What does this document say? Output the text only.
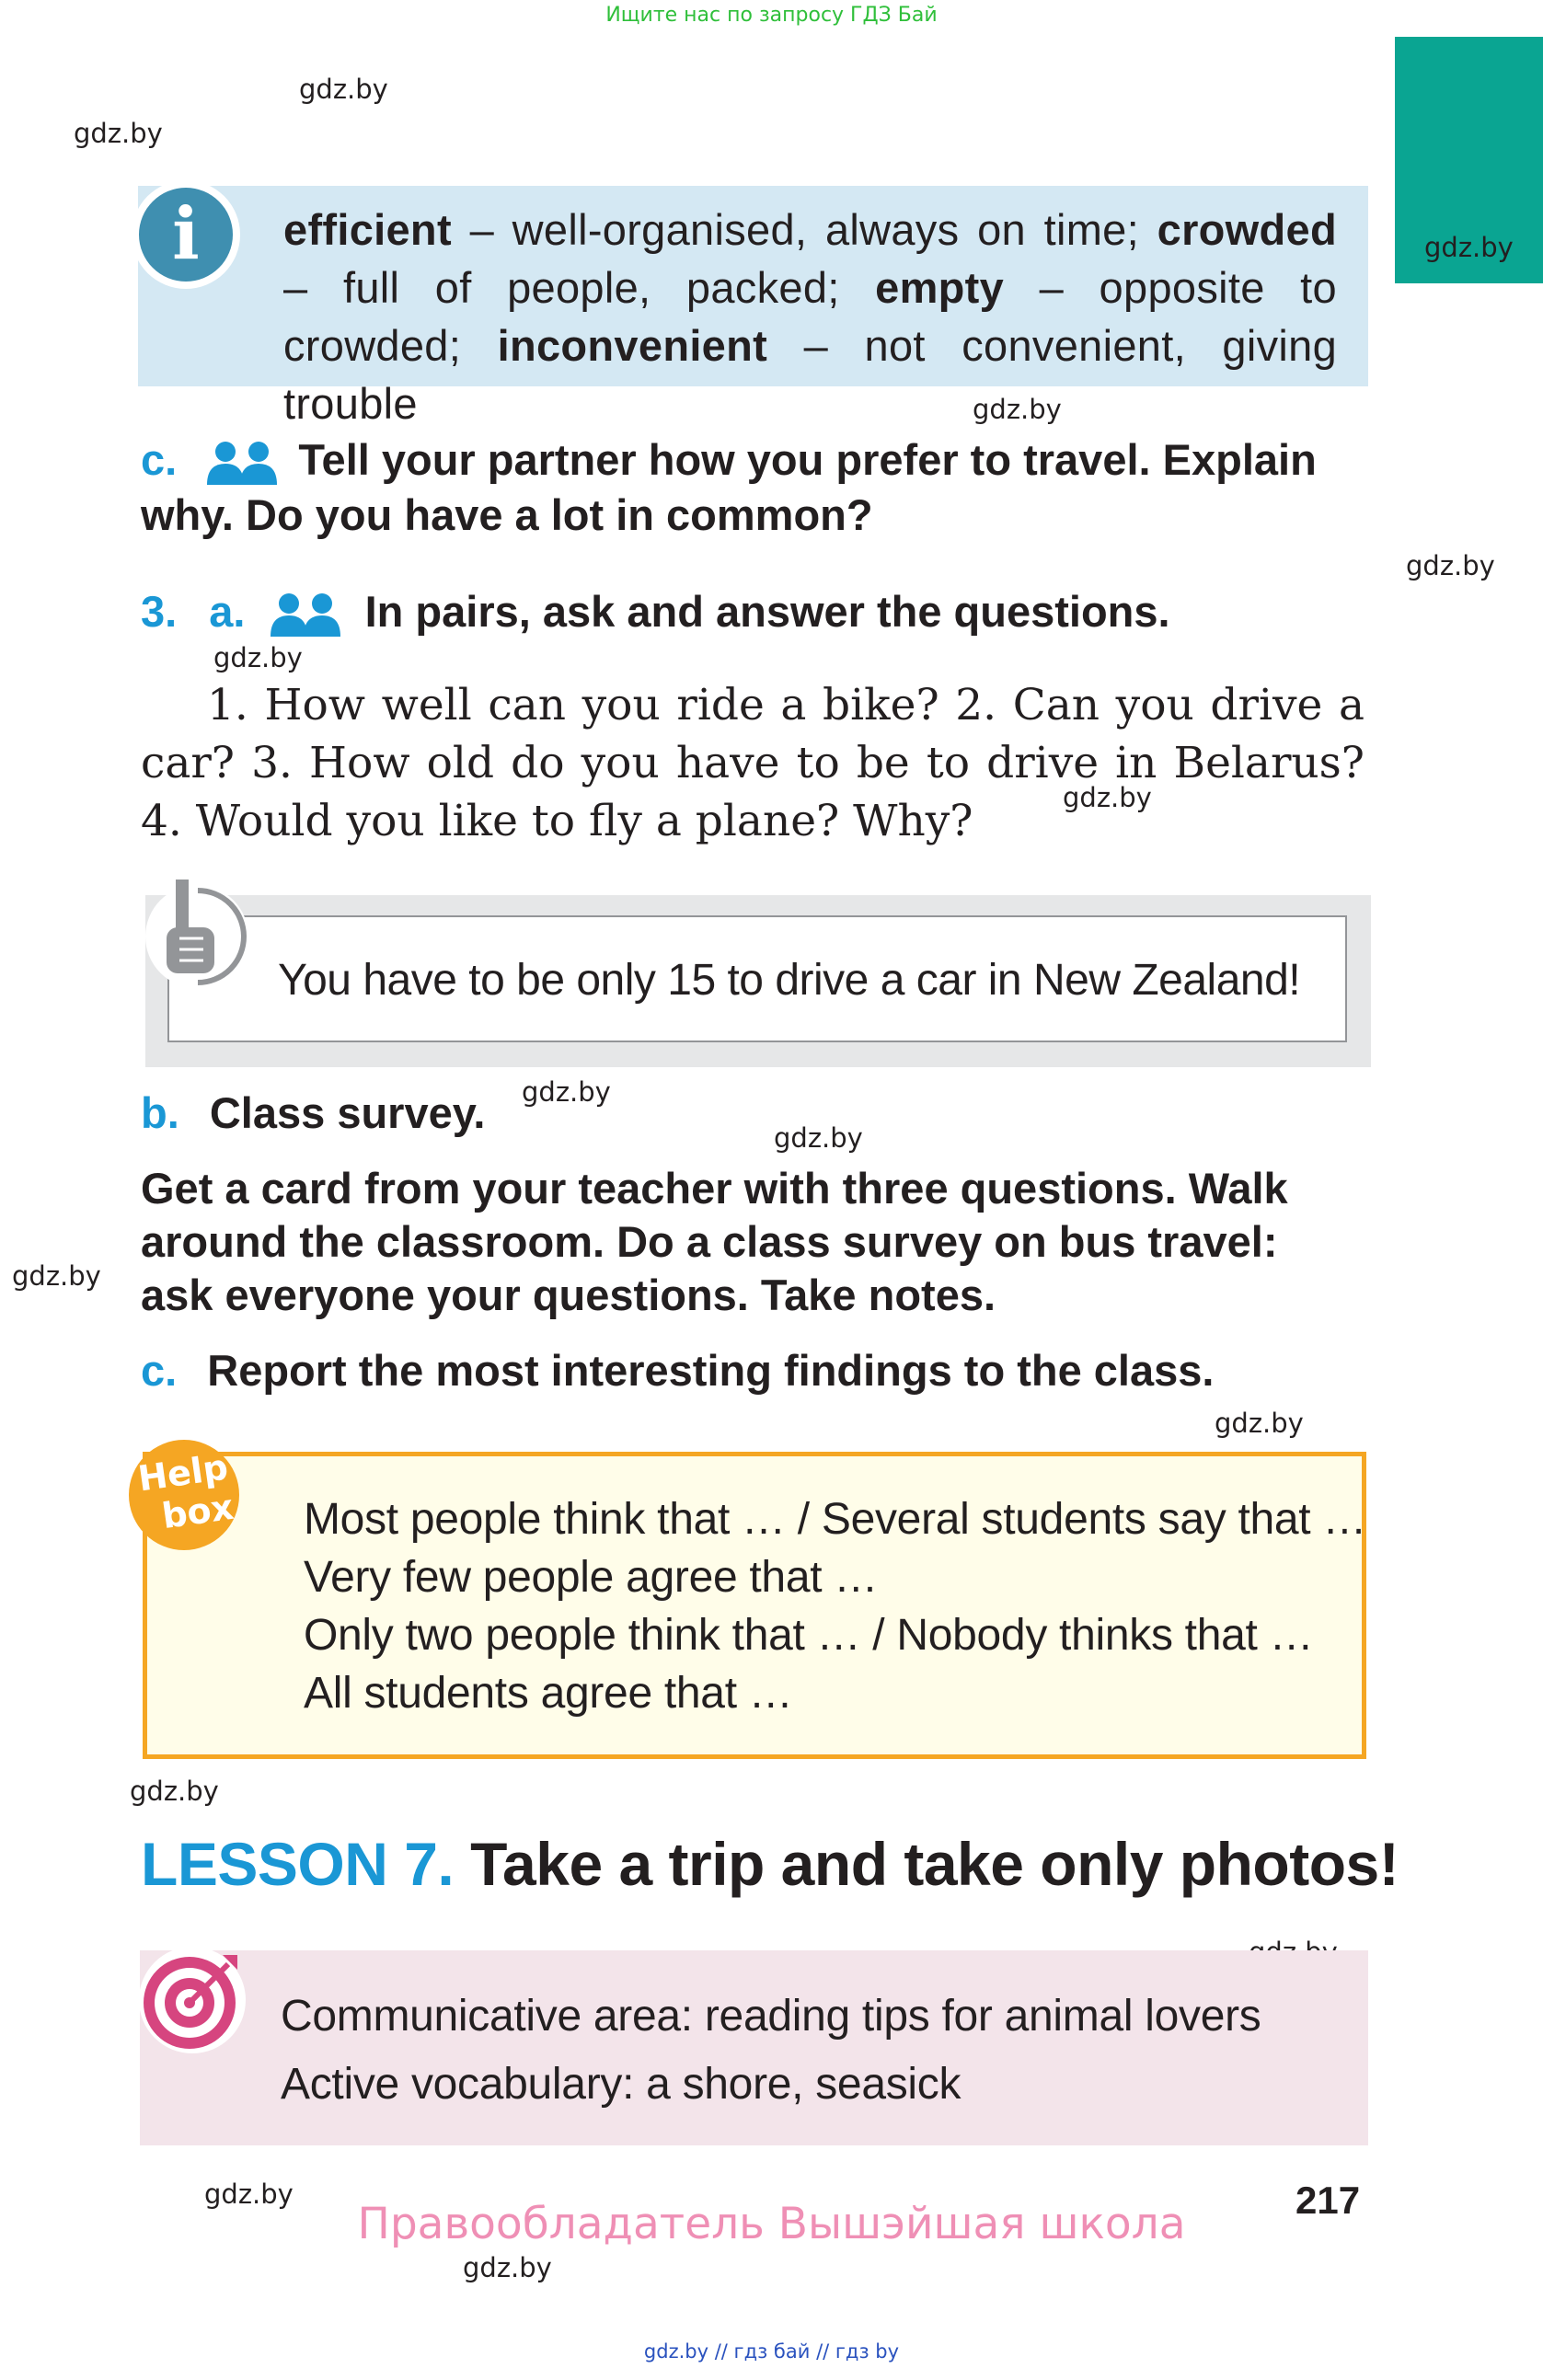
Ищите нас по запросу ГДЗ Бай
gdz.by
gdz.by
gdz.by
gdz.by
gdz.by
gdz.by
gdz.by
gdz.by
gdz.by
gdz.by
gdz.by
gdz.by
gdz.by
gdz.by
i	efficient – well-organised, always on time; crowded – full of people, packed; empty – opposite to crowded; inconvenient – not convenient, giving trouble
c.	Tell your partner how you prefer to travel. Explain
why. Do you have a lot in common?
3. a.	In pairs, ask and answer the questions.
1. How well can you ride a bike? 2. Can you drive a car? 3. How old do you have to be to drive in Belarus? 4. Would you like to fly a plane? Why?
You have to be only 15 to drive a car in New Zealand!
b. Class survey.
Get a card from your teacher with three questions. Walk
around the classroom. Do a class survey on bus travel:
ask everyone your questions. Take notes.
c. Report the most interesting findings to the class.
Help
box Most people think that … / Several students say that …
Very few people agree that …
Only two people think that … / Nobody thinks that …
All students agree that …
LESSON 7. Take a trip and take only photos!
Communicative area: reading tips for animal lovers
Active vocabulary: a shore, seasick
217
Правообладатель Вышэйшая школа
gdz.by // гдз бай // гдз by
